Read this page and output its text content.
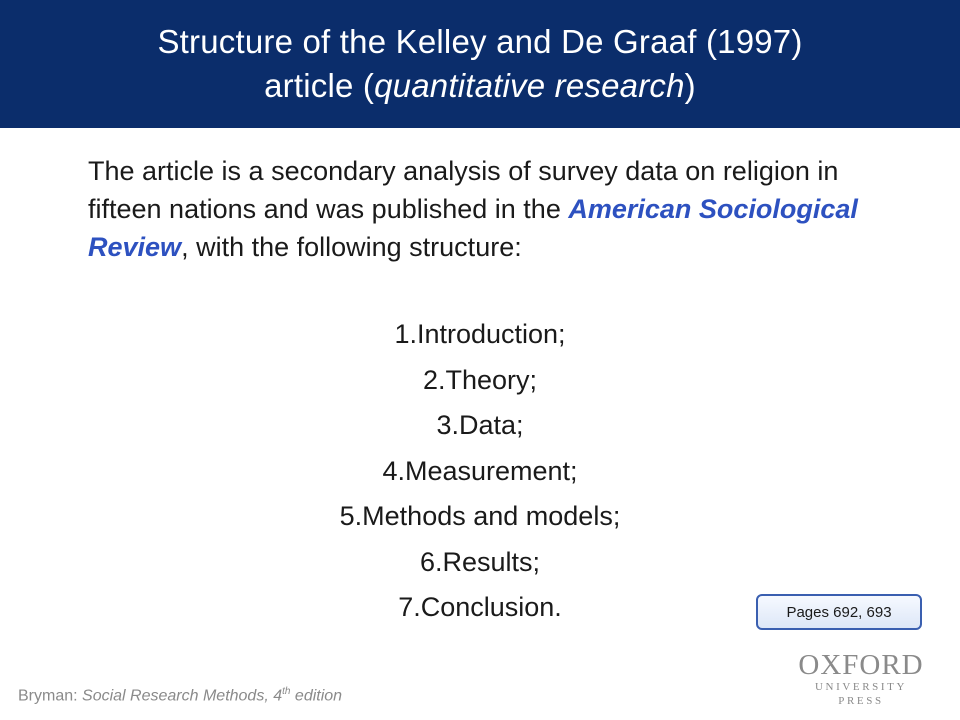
Structure of the Kelley and De Graaf (1997)
article (quantitative research)
The article is a secondary analysis of survey data on religion in fifteen nations and was published in the American Sociological Review, with the following structure:
1.Introduction;
2.Theory;
3.Data;
4.Measurement;
5.Methods and models;
6.Results;
7.Conclusion.	Pages 692, 693
OXFORD
UNIVERSITY PRESS
Bryman: Social Research Methods, 4th edition
